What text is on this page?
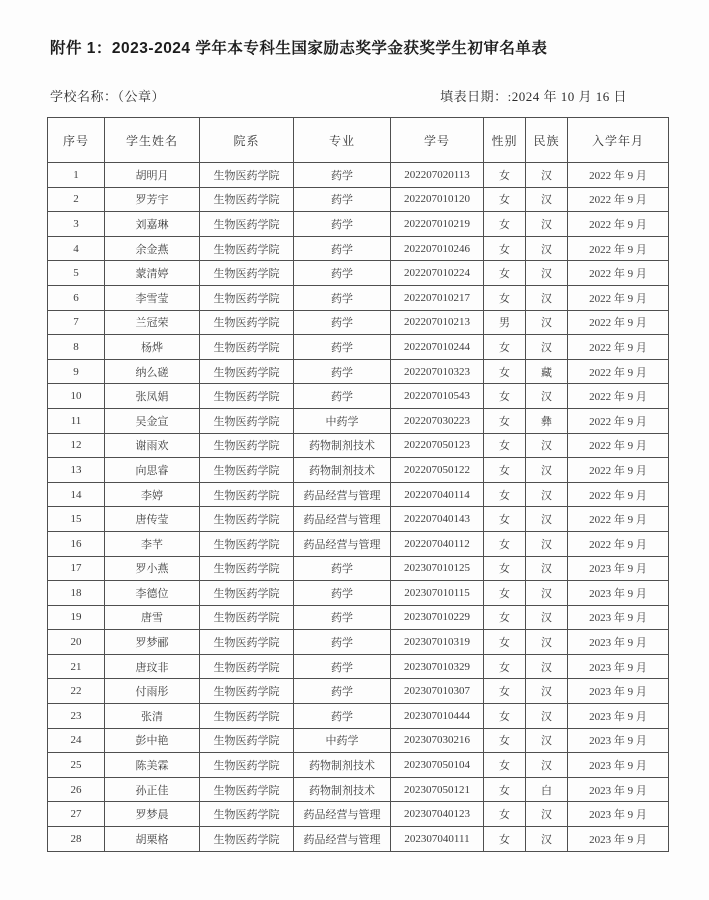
附件 1：2023-2024 学年本专科生国家励志奖学金获奖学生初审名单表
学校名称：（公章）	填表日期：:2024 年 10 月 16 日
序号	学生姓名	院系	专业	学号	性别	民族	入学年月
1	胡明月	生物医药学院	药学	202207020113	女	汉	2022 年 9 月
2	罗芳宇	生物医药学院	药学	202207010120	女	汉	2022 年 9 月
3	刘嘉琳	生物医药学院	药学	202207010219	女	汉	2022 年 9 月
4	余金燕	生物医药学院	药学	202207010246	女	汉	2022 年 9 月
5	蒙清婷	生物医药学院	药学	202207010224	女	汉	2022 年 9 月
6	李雪莹	生物医药学院	药学	202207010217	女	汉	2022 年 9 月
7	兰冠荣	生物医药学院	药学	202207010213	男	汉	2022 年 9 月
8	杨烨	生物医药学院	药学	202207010244	女	汉	2022 年 9 月
9	纳么磋	生物医药学院	药学	202207010323	女	藏	2022 年 9 月
10	张凤娟	生物医药学院	药学	202207010543	女	汉	2022 年 9 月
11	吴金宣	生物医药学院	中药学	202207030223	女	彝	2022 年 9 月
12	谢雨欢	生物医药学院	药物制剂技术	202207050123	女	汉	2022 年 9 月
13	向思睿	生物医药学院	药物制剂技术	202207050122	女	汉	2022 年 9 月
14	李婷	生物医药学院	药品经营与管理	202207040114	女	汉	2022 年 9 月
15	唐传莹	生物医药学院	药品经营与管理	202207040143	女	汉	2022 年 9 月
16	李芊	生物医药学院	药品经营与管理	202207040112	女	汉	2022 年 9 月
17	罗小燕	生物医药学院	药学	202307010125	女	汉	2023 年 9 月
18	李德位	生物医药学院	药学	202307010115	女	汉	2023 年 9 月
19	唐雪	生物医药学院	药学	202307010229	女	汉	2023 年 9 月
20	罗梦郦	生物医药学院	药学	202307010319	女	汉	2023 年 9 月
21	唐玟非	生物医药学院	药学	202307010329	女	汉	2023 年 9 月
22	付雨彤	生物医药学院	药学	202307010307	女	汉	2023 年 9 月
23	张清	生物医药学院	药学	202307010444	女	汉	2023 年 9 月
24	彭中艳	生物医药学院	中药学	202307030216	女	汉	2023 年 9 月
25	陈美霖	生物医药学院	药物制剂技术	202307050104	女	汉	2023 年 9 月
26	孙正佳	生物医药学院	药物制剂技术	202307050121	女	白	2023 年 9 月
27	罗梦晨	生物医药学院	药品经营与管理	202307040123	女	汉	2023 年 9 月
28	胡栗格	生物医药学院	药品经营与管理	202307040111	女	汉	2023 年 9 月
